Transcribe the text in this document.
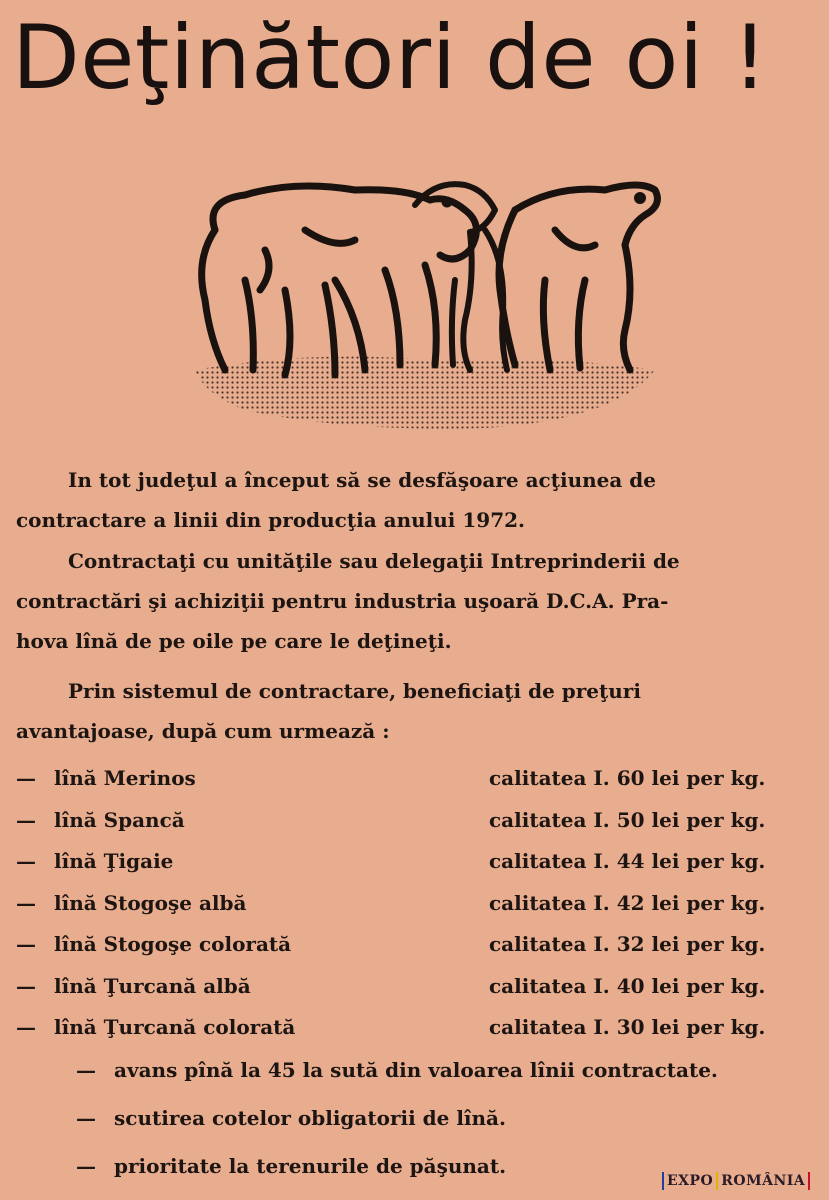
Deţinători de oi !
In tot judeţul a început să se desfăşoare acţiunea de
contractare a linii din producţia anului 1972.
Contractaţi cu unităţile sau delegaţii Intreprinderii de
contractări şi achiziţii pentru industria uşoară D.C.A. Pra-
hova lînă de pe oile pe care le deţineţi.
Prin sistemul de contractare, beneficiaţi de preţuri
avantajoase, după cum urmează :
— lînă Merinos	calitatea I. 60 lei per kg.
— lînă Spancă	calitatea I. 50 lei per kg.
— lînă Ţigaie	calitatea I. 44 lei per kg.
— lînă Stogoşe albă	calitatea I. 42 lei per kg.
— lînă Stogoşe colorată	calitatea I. 32 lei per kg.
— lînă Ţurcană albă	calitatea I. 40 lei per kg.
— lînă Ţurcană colorată	calitatea I. 30 lei per kg.
— avans pînă la 45 la sută din valoarea lînii contractate.
— scutirea cotelor obligatorii de lînă.
— prioritate la terenurile de păşunat.
EXPO ROMÂNIA
